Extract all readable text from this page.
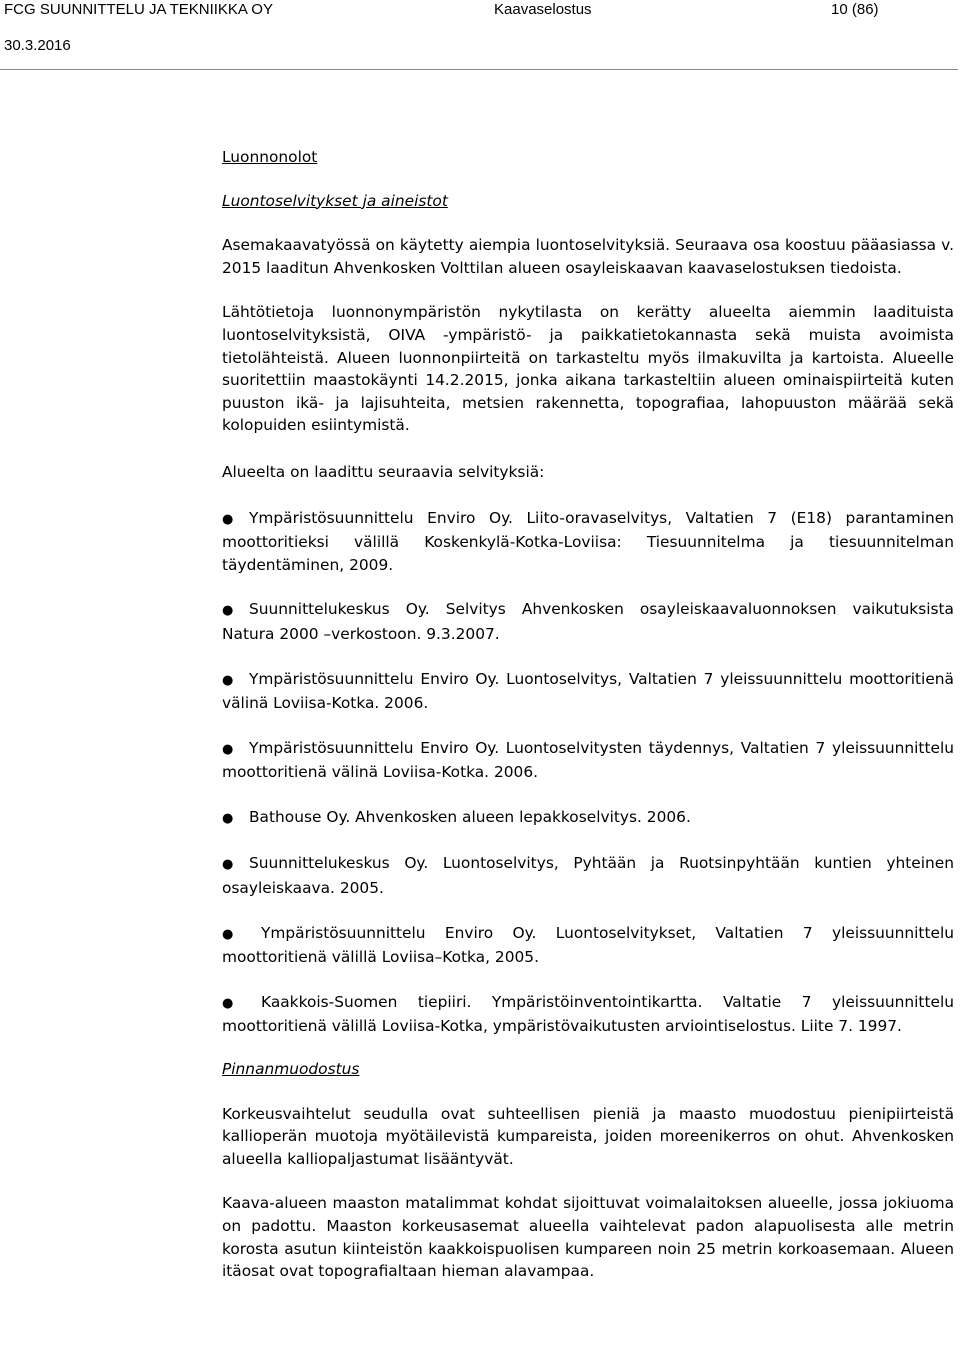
FCG SUUNNITTELU JA TEKNIIKKA OY	Kaavaselostus	10 (86)
30.3.2016

Luonnonolot

Luontoselvitykset ja aineistot

Asemakaavatyössä on käytetty aiempia luontoselvityksiä. Seuraava osa koostuu pääasiassa v. 2015 laaditun Ahvenkosken Volttilan alueen osayleiskaavan kaavaselostuksen tiedoista.

Lähtötietoja luonnonympäristön nykytilasta on kerätty alueelta aiemmin laadituista luontoselvityksistä, OIVA -ympäristö- ja paikkatietokannasta sekä muista avoimista tietolähteistä. Alueen luonnonpiirteitä on tarkasteltu myös ilmakuvilta ja kartoista. Alueelle suoritettiin maastokäynti 14.2.2015, jonka aikana tarkasteltiin alueen ominaispiirteitä kuten puuston ikä- ja lajisuhteita, metsien rakennetta, topografiaa, lahopuuston määrää sekä kolopuiden esiintymistä.

Alueelta on laadittu seuraavia selvityksiä:

● Ympäristösuunnittelu Enviro Oy. Liito-oravaselvitys, Valtatien 7 (E18) parantaminen moottoritieksi välillä Koskenkylä-Kotka-Loviisa: Tiesuunnitelma ja tiesuunnitelman täydentäminen, 2009.
● Suunnittelukeskus Oy. Selvitys Ahvenkosken osayleiskaavaluonnoksen vaikutuksista Natura 2000 –verkostoon. 9.3.2007.
● Ympäristösuunnittelu Enviro Oy. Luontoselvitys, Valtatien 7 yleissuunnittelu moottoritienä välinä Loviisa-Kotka. 2006.
● Ympäristösuunnittelu Enviro Oy. Luontoselvitysten täydennys, Valtatien 7 yleissuunnittelu moottoritienä välinä Loviisa-Kotka. 2006.
● Bathouse Oy. Ahvenkosken alueen lepakkoselvitys. 2006.
● Suunnittelukeskus Oy. Luontoselvitys, Pyhtään ja Ruotsinpyhtään kuntien yhteinen osayleiskaava. 2005.
● Ympäristösuunnittelu Enviro Oy. Luontoselvitykset, Valtatien 7 yleissuunnittelu moottoritienä välillä Loviisa–Kotka, 2005.
● Kaakkois-Suomen tiepiiri. Ympäristöinventointikartta. Valtatie 7 yleissuunnittelu moottoritienä välillä Loviisa-Kotka, ympäristövaikutusten arviointiselostus. Liite 7. 1997.

Pinnanmuodostus

Korkeusvaihtelut seudulla ovat suhteellisen pieniä ja maasto muodostuu pienipiirteistä kallioperän muotoja myötäilevistä kumpareista, joiden moreenikerros on ohut. Ahvenkosken alueella kalliopaljastumat lisääntyvät.

Kaava-alueen maaston matalimmat kohdat sijoittuvat voimalaitoksen alueelle, jossa jokiuoma on padottu. Maaston korkeusasemat alueella vaihtelevat padon alapuolisesta alle metrin korosta asutun kiinteistön kaakkoispuolisen kumpareen noin 25 metrin korkoasemaan. Alueen itäosat ovat topografialtaan hieman alavampaa.
